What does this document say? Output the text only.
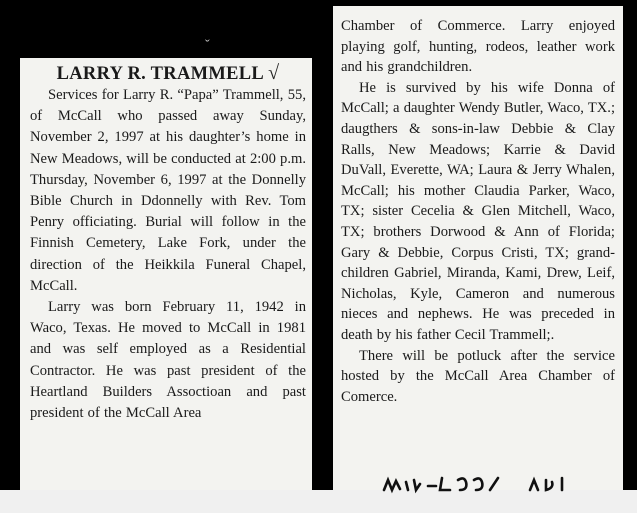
ˇ

LARRY R. TRAMMELL √

Services for Larry R. “Papa” Trammell, 55, of McCall who passed away Sunday, November 2, 1997 at his daughter’s home in New Meadows, will be conducted at 2:00 p.m. Thursday, November 6, 1997 at the Donnelly Bible Church in Ddonnelly with Rev. Tom Penry officiating. Burial will follow in the Finnish Cemetery, Lake Fork, under the direction of the Heikkila Funeral Chapel, McCall.

Larry was born February 11, 1942 in Waco, Texas. He moved to McCall in 1981 and was self employed as a Residential Contractor. He was past president of the Heartland Builders Assoctioan and past president of the McCall Area

Chamber of Commerce. Larry enjoyed playing golf, hunting, rodeos, leather work and his grandchildren.

He is survived by his wife Donna of McCall; a daughter Wendy Butler, Waco, TX.; daugthers & sons-in-law Debbie & Clay Ralls, New Meadows; Karrie & David DuVall, Everette, WA; Laura & Jerry Whalen, McCall; his mother Claudia Parker, Waco, TX; sister Cecelia & Glen Mitchell, Waco, TX; brothers Dorwood & Ann of Florida; Gary & Debbie, Corpus Cristi, TX; grand-children Gabriel, Miranda, Kami, Drew, Leif, Nicholas, Kyle, Cameron and numerous nieces and nephews. He was preceded in death by his father Cecil Trammell;.

There will be potluck after the service hosted by the McCall Area Chamber of Comerce.
